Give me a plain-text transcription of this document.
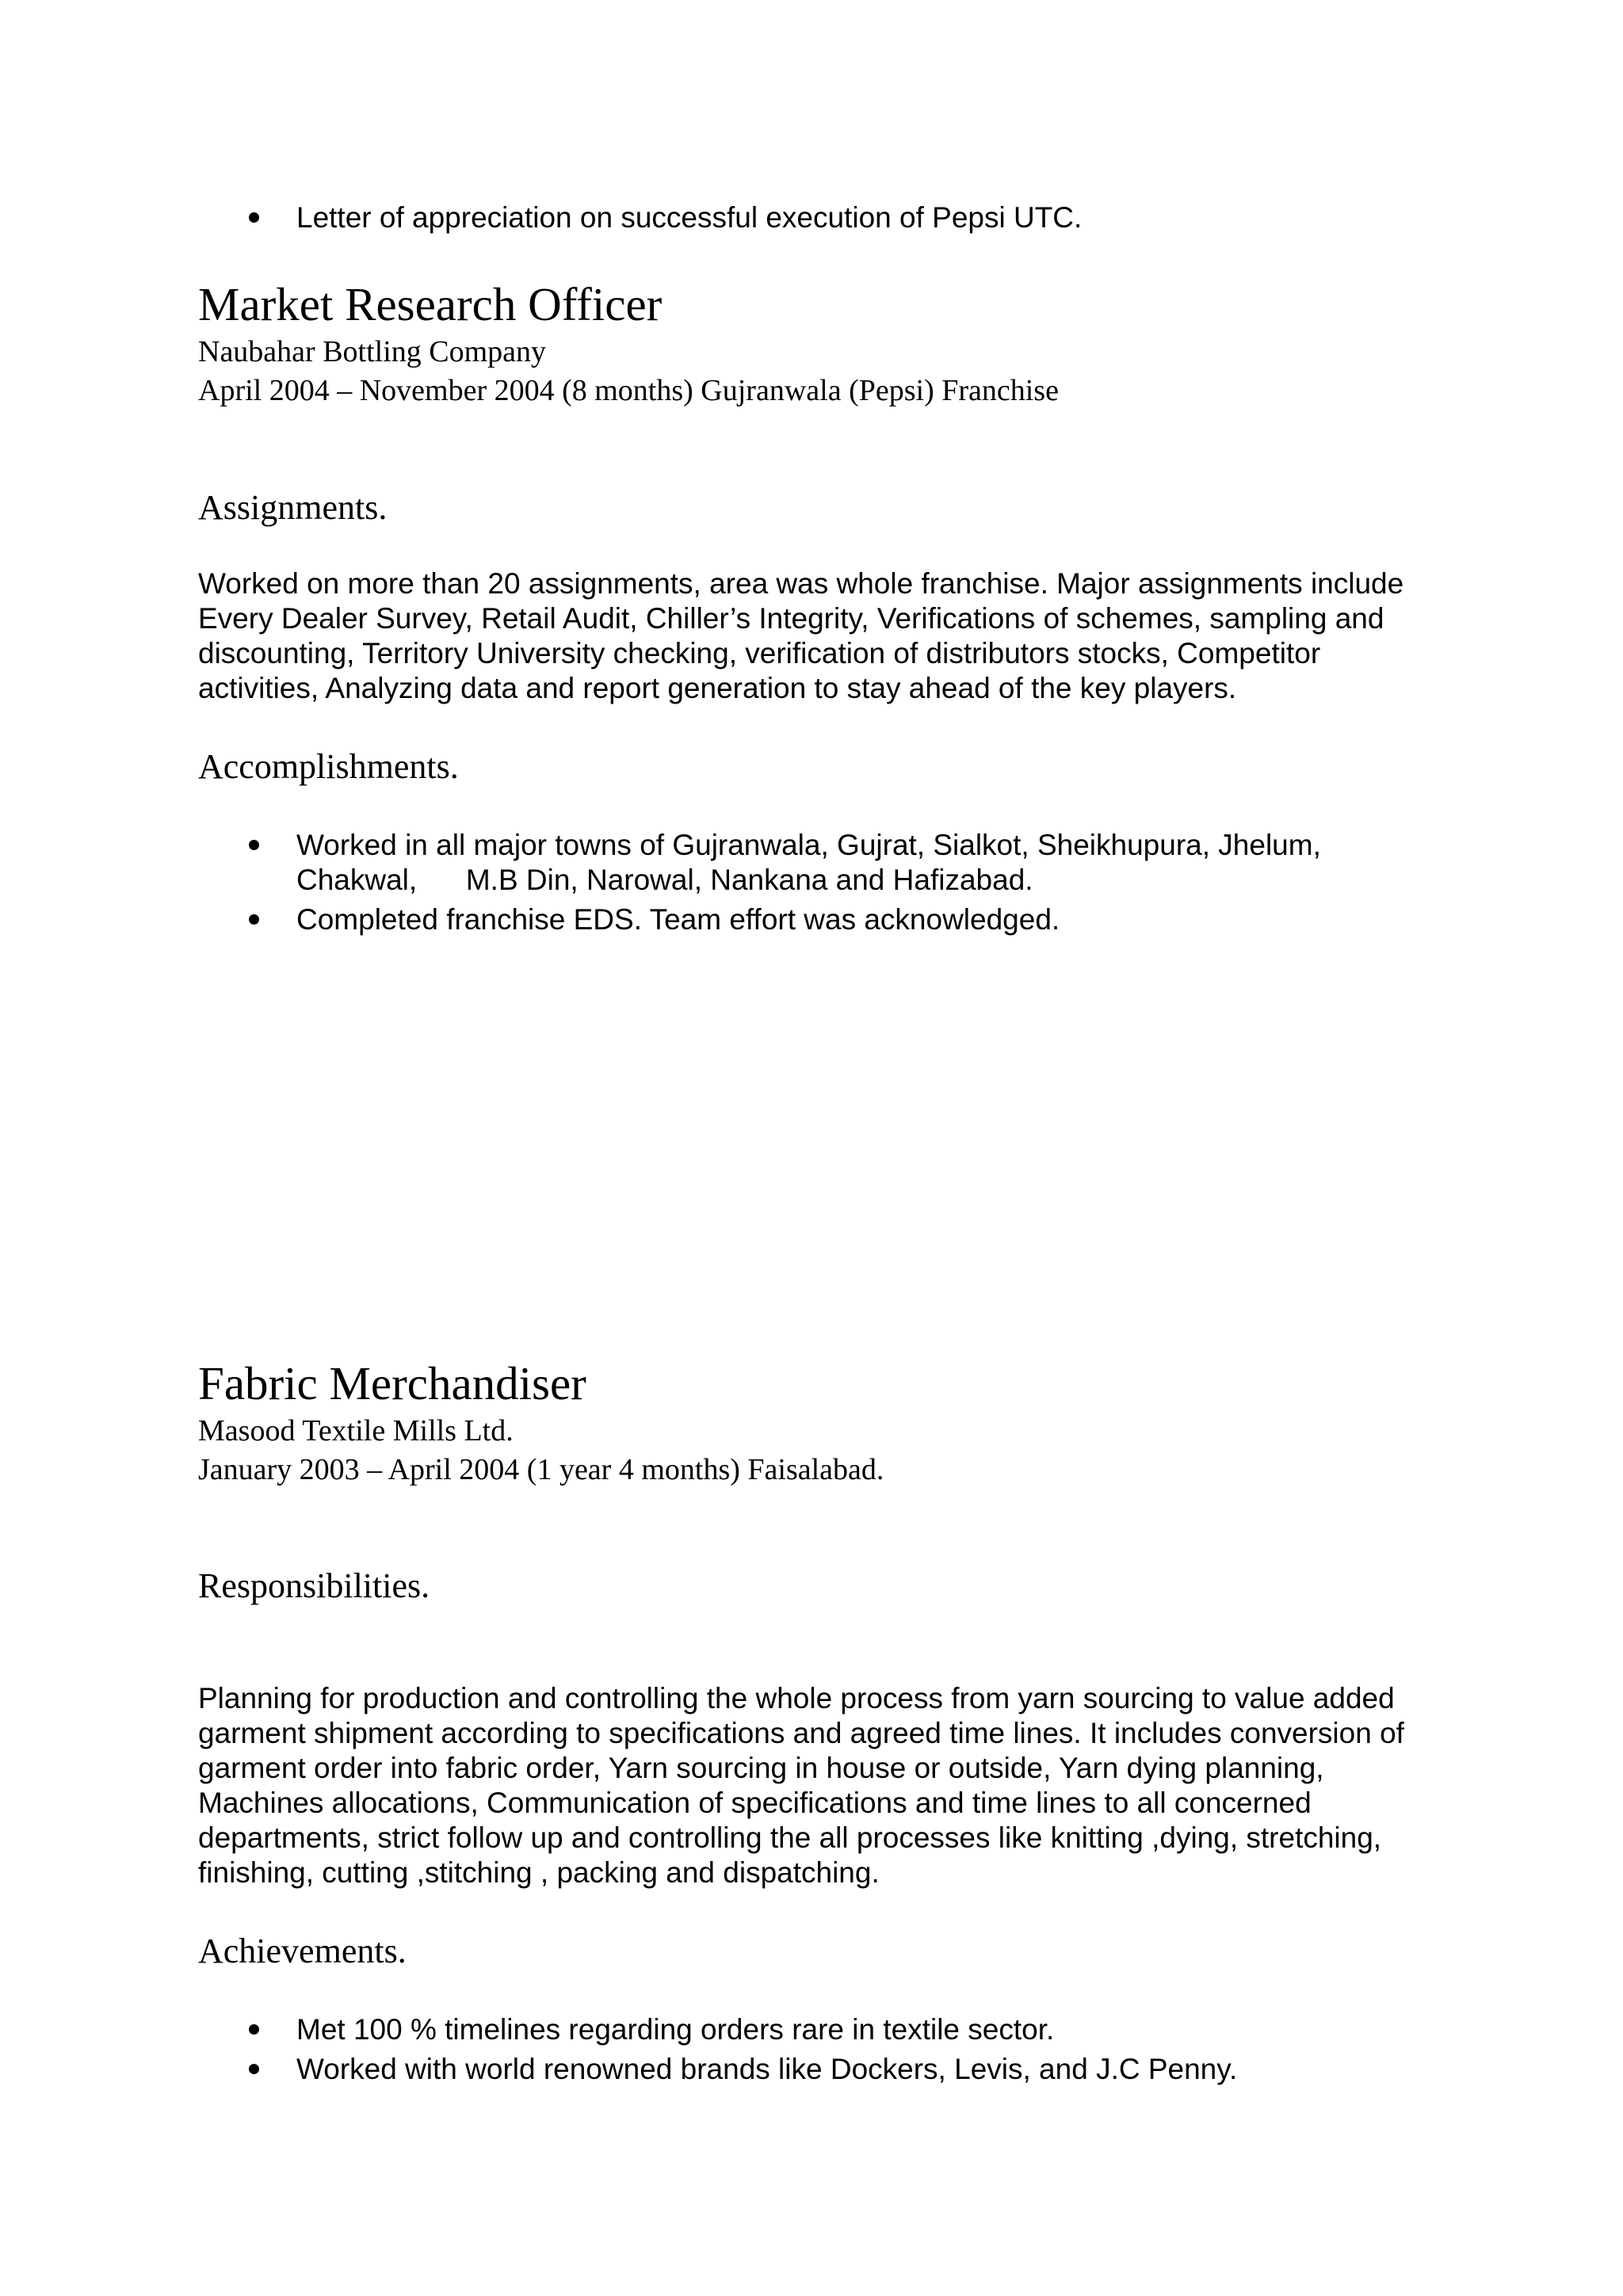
Letter of appreciation on successful execution of Pepsi UTC.
Market Research Officer
Naubahar Bottling Company
April 2004 – November 2004 (8 months) Gujranwala (Pepsi) Franchise
Assignments.
Worked on more than 20 assignments, area was whole franchise. Major assignments include Every Dealer Survey, Retail Audit, Chiller’s Integrity, Verifications of schemes, sampling and discounting, Territory University checking, verification of distributors stocks, Competitor activities, Analyzing data and report generation to stay ahead of the key players.
Accomplishments.
Worked in all major towns of Gujranwala, Gujrat, Sialkot, Sheikhupura, Jhelum, Chakwal,      M.B Din, Narowal, Nankana and Hafizabad.
Completed franchise EDS. Team effort was acknowledged.
Fabric Merchandiser
Masood Textile Mills Ltd.
January 2003 – April 2004 (1 year 4 months) Faisalabad.
Responsibilities.
Planning for production and controlling the whole process from yarn sourcing to value added garment shipment according to specifications and agreed time lines. It includes conversion of garment order into fabric order, Yarn sourcing in house or outside, Yarn dying planning, Machines allocations, Communication of specifications and time lines to all concerned departments, strict follow up and controlling the all processes like knitting ,dying, stretching, finishing, cutting ,stitching , packing and dispatching.
Achievements.
Met 100 % timelines regarding orders rare in textile sector.
Worked with world renowned brands like Dockers, Levis, and J.C Penny.
